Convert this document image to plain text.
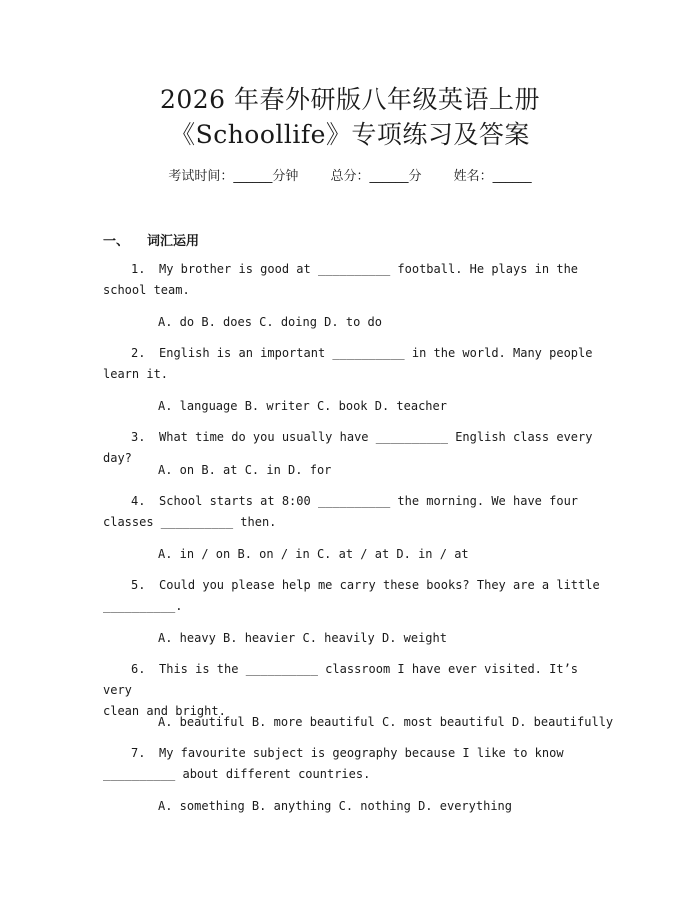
2026 年春外研版八年级英语上册
《Schoollife》专项练习及答案
考试时间：______分钟 总分：______分 姓名：______
一、 词汇运用
1. My brother is good at __________ football. He plays in the
school team.
A. do B. does C. doing D. to do
2. English is an important __________ in the world. Many people
learn it.
A. language B. writer C. book D. teacher
3. What time do you usually have __________ English class every day?
A. on B. at C. in D. for
4. School starts at 8:00 __________ the morning. We have four
classes __________ then.
A. in / on B. on / in C. at / at D. in / at
5. Could you please help me carry these books? They are a little
__________.
A. heavy B. heavier C. heavily D. weight
6. This is the __________ classroom I have ever visited. It’s very
clean and bright.
A. beautiful B. more beautiful C. most beautiful D. beautifully
7. My favourite subject is geography because I like to know
__________ about different countries.
A. something B. anything C. nothing D. everything
